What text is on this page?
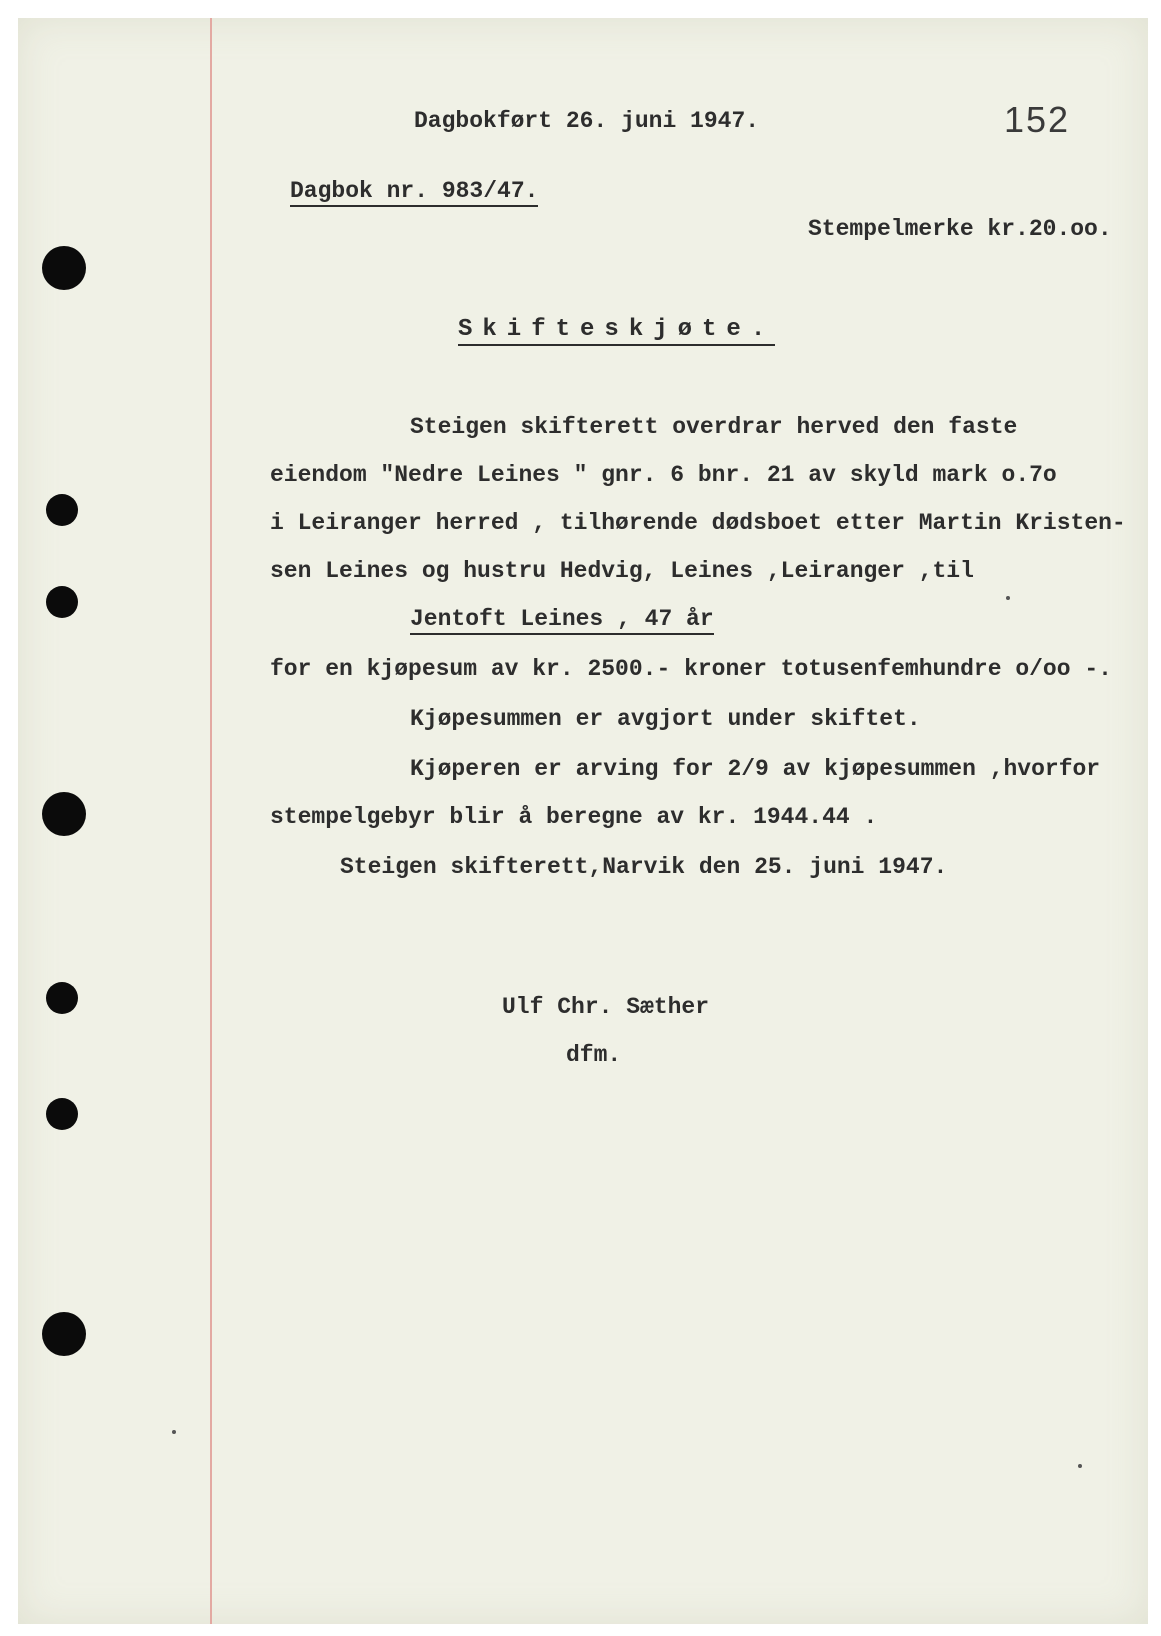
Dagbokført 26. juni 1947.	152
Dagbok nr. 983/47.
Stempelmerke kr.20.oo.
Skifteskjøte.
Steigen skifterett overdrar herved den faste
eiendom "Nedre Leines " gnr. 6 bnr. 21 av skyld mark o.7o
i Leiranger herred , tilhørende dødsboet etter Martin Kristen-
sen Leines og hustru Hedvig, Leines ,Leiranger ,til
Jentoft Leines , 47 år
for en kjøpesum av kr. 2500.- kroner totusenfemhundre o/oo -.
Kjøpesummen er avgjort under skiftet.
Kjøperen er arving for 2/9 av kjøpesummen ,hvorfor
stempelgebyr blir å beregne av kr. 1944.44 .
Steigen skifterett,Narvik den 25. juni 1947.
Ulf Chr. Sæther
dfm.
